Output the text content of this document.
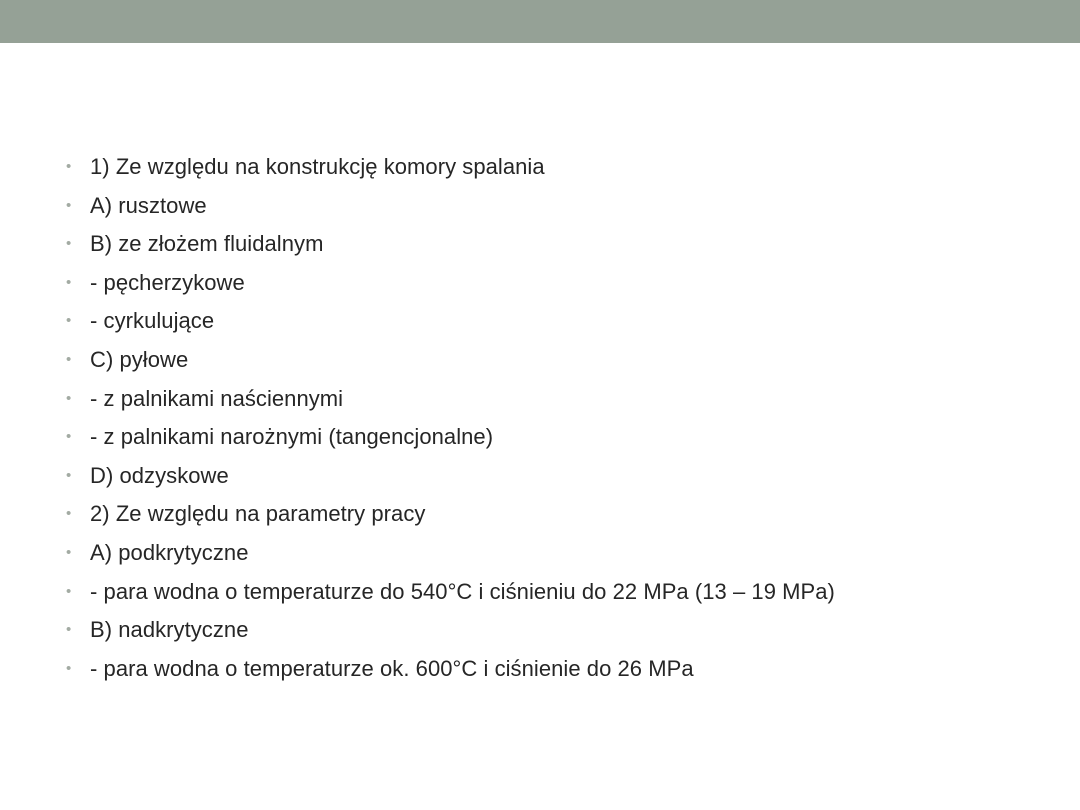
• 1) Ze względu na konstrukcję komory spalania
• A) rusztowe
• B) ze złożem fluidalnym
• - pęcherzykowe
• - cyrkulujące
• C) pyłowe
• - z palnikami naściennymi
• - z palnikami narożnymi (tangencjonalne)
• D) odzyskowe
• 2) Ze względu na parametry pracy
• A) podkrytyczne
• - para wodna o temperaturze do 540°C i ciśnieniu do 22 MPa (13 – 19 MPa)
• B) nadkrytyczne
• - para wodna o temperaturze ok. 600°C i ciśnienie do 26 MPa
